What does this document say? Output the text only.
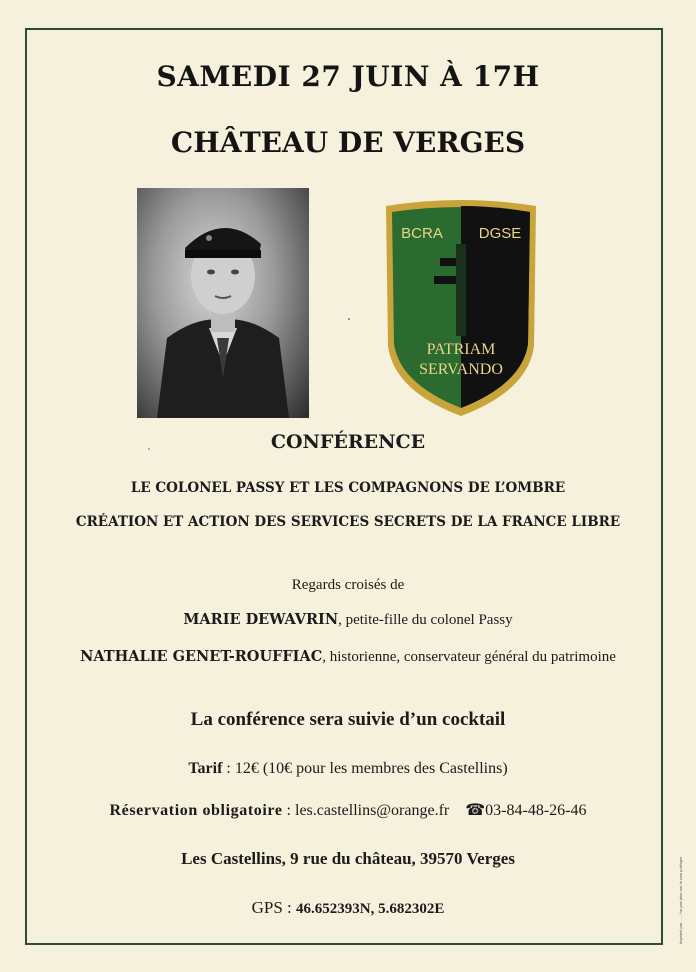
SAMEDI 27 JUIN À 17H
CHÂTEAU DE VERGES
BCRA DGSE
PATRIAM
SERVANDO
CONFÉRENCE
LE COLONEL PASSY ET LES COMPAGNONS DE L’OMBRE
CRÉATION ET ACTION DES SERVICES SECRETS DE LA FRANCE LIBRE
Regards croisés de
MARIE DEWAVRIN, petite-fille du colonel Passy
NATHALIE GENET-ROUFFIAC, historienne, conservateur général du patrimoine
La conférence sera suivie d’un cocktail
Tarif : 12€ (10€ pour les membres des Castellins)
Réservation obligatoire : les.castellins@orange.fr ☎03-84-48-26-46
Les Castellins, 9 rue du château, 39570 Verges
GPS : 46.652393N, 5.682302E	Imprimé par ... – Ne pas jeter sur la voie publique
